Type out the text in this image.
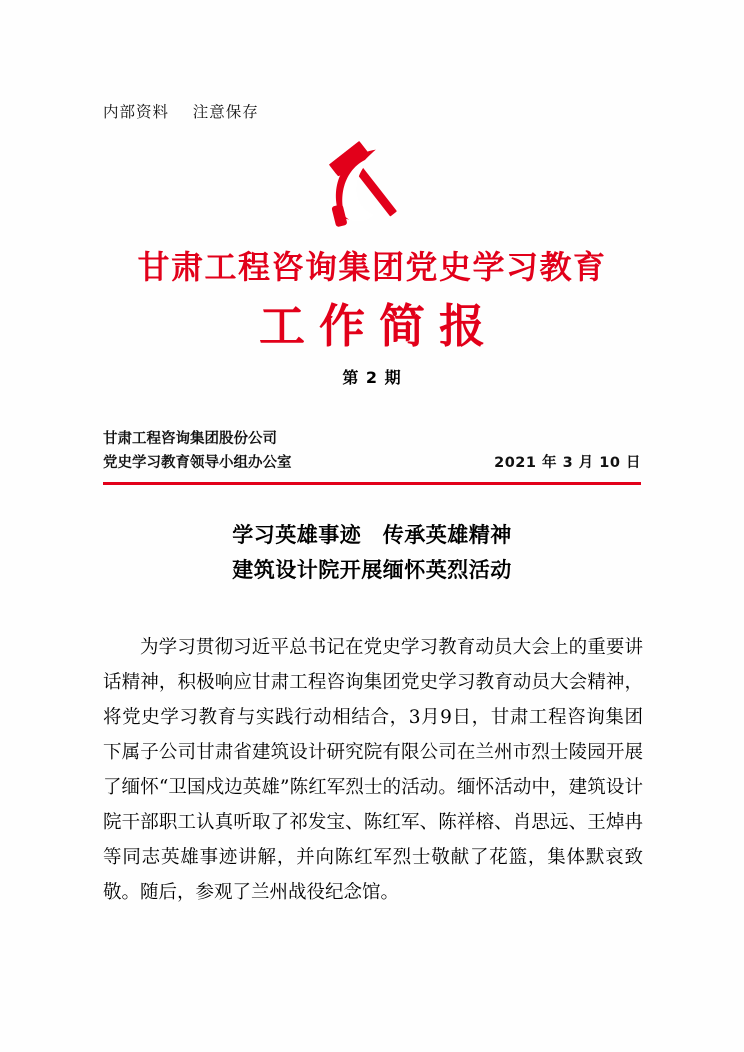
内部资料    注意保存
甘肃工程咨询集团党史学习教育
工作简报
第 2 期
甘肃工程咨询集团股份公司
党史学习教育领导小组办公室	2021 年 3 月 10 日
学习英雄事迹　传承英雄精神
建筑设计院开展缅怀英烈活动

为学习贯彻习近平总书记在党史学习教育动员大会上的重要讲话精神，积极响应甘肃工程咨询集团党史学习教育动员大会精神，将党史学习教育与实践行动相结合，3月9日，甘肃工程咨询集团下属子公司甘肃省建筑设计研究院有限公司在兰州市烈士陵园开展了缅怀“卫国戍边英雄”陈红军烈士的活动。缅怀活动中，建筑设计院干部职工认真听取了祁发宝、陈红军、陈祥榕、肖思远、王焯冉等同志英雄事迹讲解，并向陈红军烈士敬献了花篮，集体默哀致敬。随后，参观了兰州战役纪念馆。
